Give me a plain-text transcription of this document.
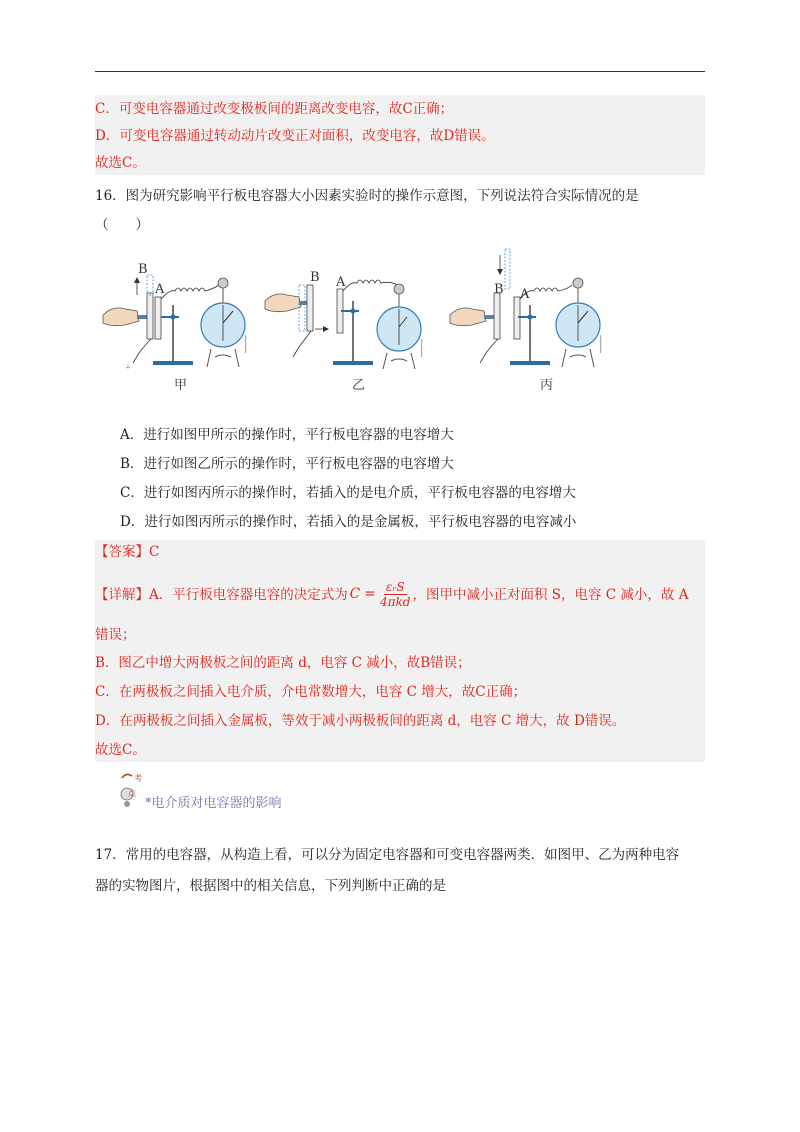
C．可变电容器通过改变极板间的距离改变电容，故C正确；
D．可变电容器通过转动动片改变正对面积，改变电容，故D错误。
故选C。
16．图为研究影响平行板电容器大小因素实验时的操作示意图，下列说法符合实际情况的是
（　　）
⏚
B
A
B A	B A
甲	乙	丙
A．进行如图甲所示的操作时，平行板电容器的电容增大
B．进行如图乙所示的操作时，平行板电容器的电容增大
C．进行如图丙所示的操作时，若插入的是电介质，平行板电容器的电容增大
D．进行如图丙所示的操作时，若插入的是金属板，平行板电容器的电容减小
【答案】C
【详解】A．平行板电容器电容的决定式为 $C = \frac{\text{εᵣS}}{\text{4πkd}}$ ，图甲中减小正对面积 S，电容 C 减小，故 A
错误；
B．图乙中增大两极板之间的距离 d，电容 C 减小，故B错误；
C．在两极板之间插入电介质，介电常数增大，电容 C 增大，故C正确；
D．在两极板之间插入金属板，等效于减小两极板间的距离 d，电容 C 增大，故 D错误。
故选C。
考
点
*电介质对电容器的影响
17．常用的电容器，从构造上看，可以分为固定电容器和可变电容器两类．如图甲、乙为两种电容
器的实物图片，根据图中的相关信息，下列判断中正确的是
